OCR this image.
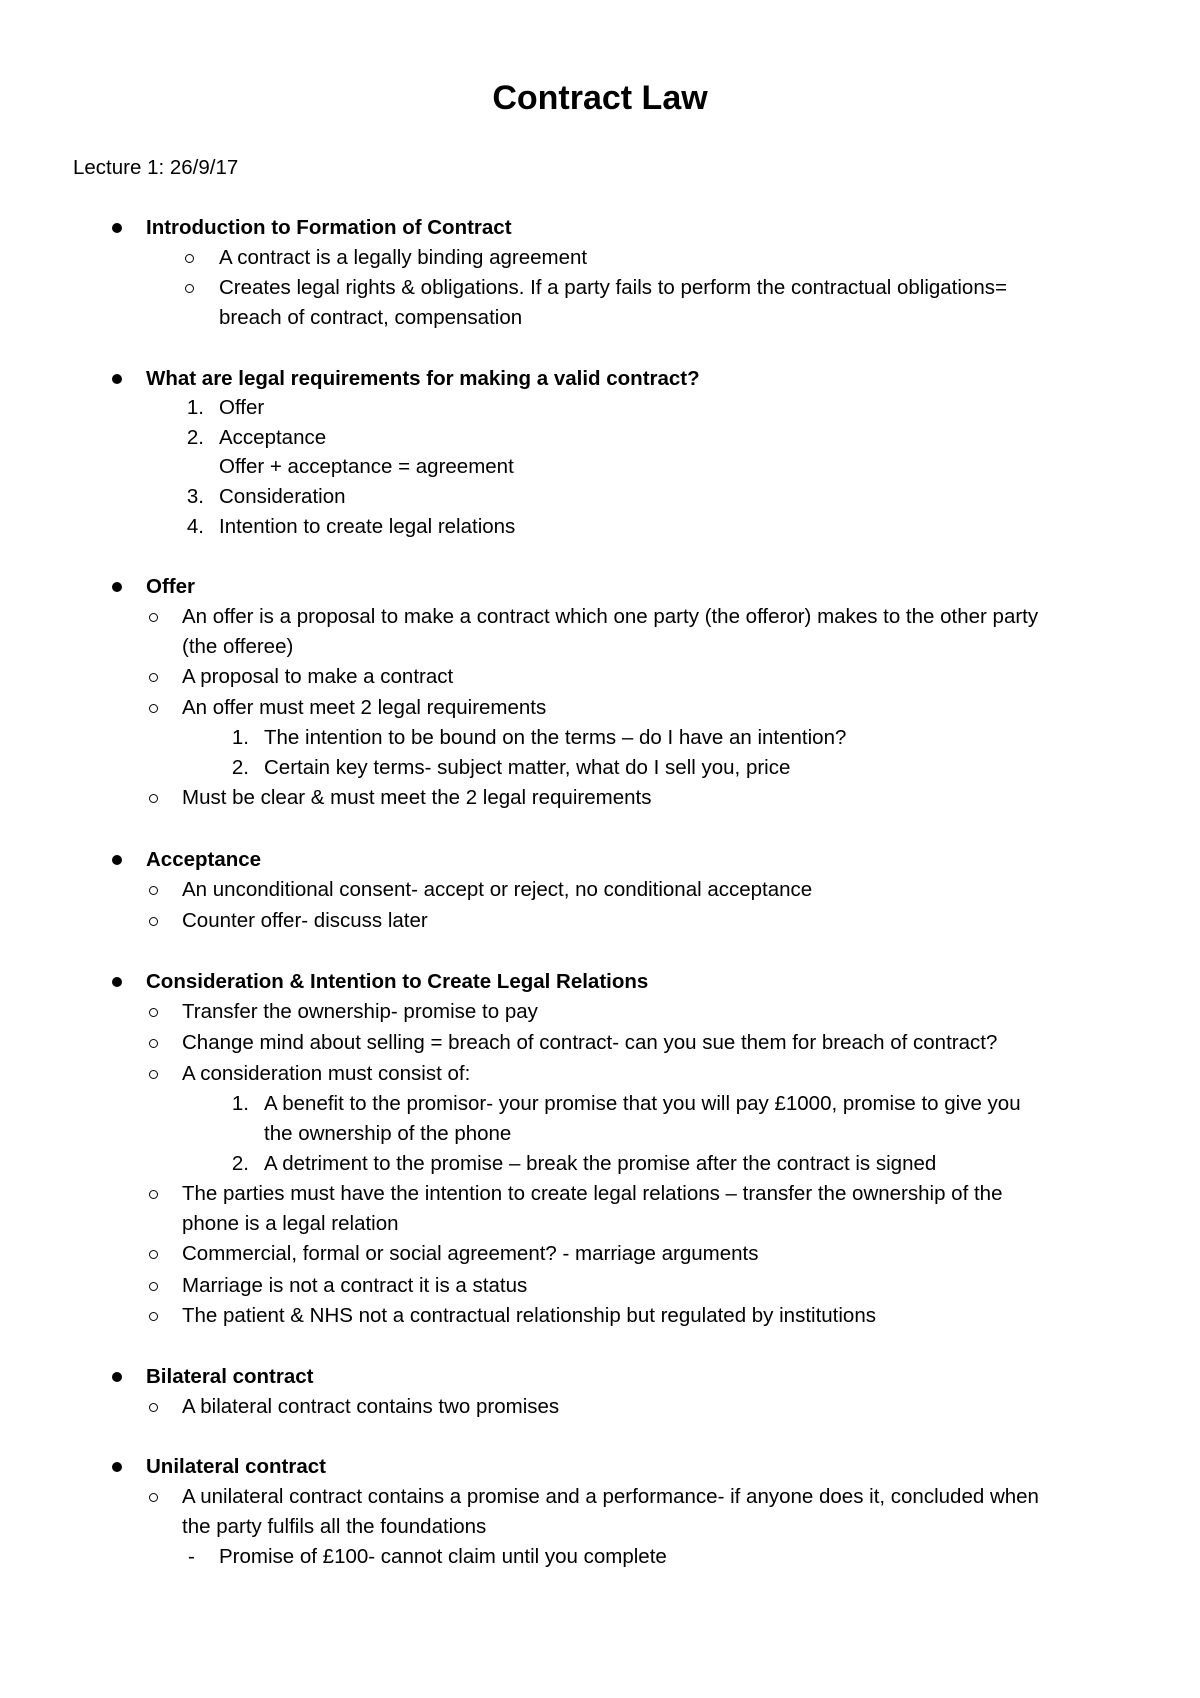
Contract Law
Lecture 1: 26/9/17
Introduction to Formation of Contract
A contract is a legally binding agreement
Creates legal rights & obligations. If a party fails to perform the contractual obligations=
breach of contract, compensation
What are legal requirements for making a valid contract?
1. Offer
2. Acceptance
Offer + acceptance = agreement
3. Consideration
4. Intention to create legal relations
Offer
An offer is a proposal to make a contract which one party (the offeror) makes to the other party
(the offeree)
A proposal to make a contract
An offer must meet 2 legal requirements
1. The intention to be bound on the terms – do I have an intention?
2. Certain key terms- subject matter, what do I sell you, price
Must be clear & must meet the 2 legal requirements
Acceptance
An unconditional consent- accept or reject, no conditional acceptance
Counter offer- discuss later
Consideration & Intention to Create Legal Relations
Transfer the ownership- promise to pay
Change mind about selling = breach of contract- can you sue them for breach of contract?
A consideration must consist of:
1. A benefit to the promisor- your promise that you will pay £1000, promise to give you
the ownership of the phone
2. A detriment to the promise – break the promise after the contract is signed
The parties must have the intention to create legal relations – transfer the ownership of the
phone is a legal relation
Commercial, formal or social agreement? - marriage arguments
Marriage is not a contract it is a status
The patient & NHS not a contractual relationship but regulated by institutions
Bilateral contract
A bilateral contract contains two promises
Unilateral contract
A unilateral contract contains a promise and a performance- if anyone does it, concluded when
the party fulfils all the foundations
- Promise of £100- cannot claim until you complete
